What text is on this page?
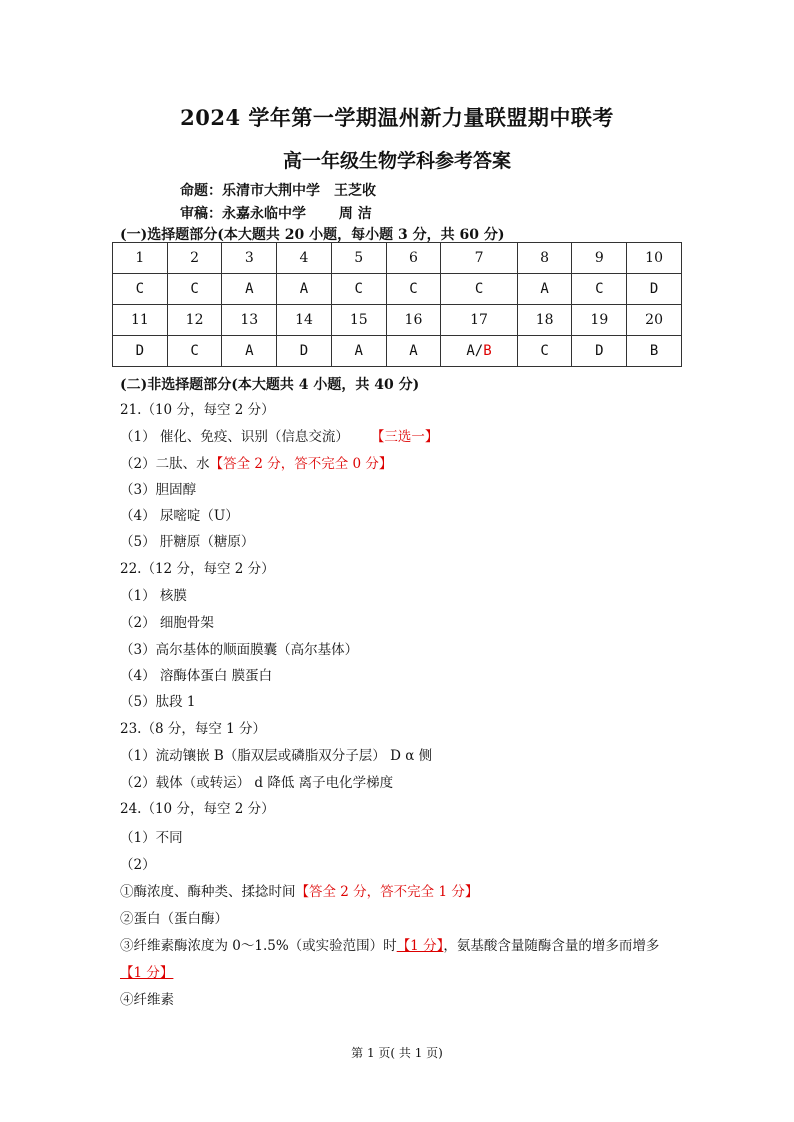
2024 学年第一学期温州新力量联盟期中联考
高一年级生物学科参考答案
命题：乐清市大荆中学　王芝收
审稿：永嘉永临中学　　 周 洁
(一)选择题部分(本大题共 20 小题，每小题 3 分，共 60 分)
1	2	3	4	5	6	7	8	9	10
C	C	A	A	C	C	C	A	C	D
11	12	13	14	15	16	17	18	19	20
D	C	A	D	A	A	A/B	C	D	B
(二)非选择题部分(本大题共 4 小题，共 40 分)
21.（10 分，每空 2 分）
（1） 催化、免疫、识别（信息交流） 【三选一】
（2）二肽、水【答全 2 分，答不完全 0 分】
（3）胆固醇
（4） 尿嘧啶（U）
（5） 肝糖原（糖原）
22.（12 分，每空 2 分）
（1） 核膜
（2） 细胞骨架
（3）高尔基体的顺面膜囊（高尔基体）
（4） 溶酶体蛋白 膜蛋白
（5）肽段 1
23.（8 分，每空 1 分）
（1）流动镶嵌 B（脂双层或磷脂双分子层） D α 侧
（2）载体（或转运） d 降低 离子电化学梯度
24.（10 分，每空 2 分）
（1）不同
（2）
①酶浓度、酶种类、揉捻时间【答全 2 分，答不完全 1 分】
②蛋白（蛋白酶）
③纤维素酶浓度为 0～1.5%（或实验范围）时【1 分】，氨基酸含量随酶含量的增多而增多
【1 分】
④纤维素
第 1 页( 共 1 页)
